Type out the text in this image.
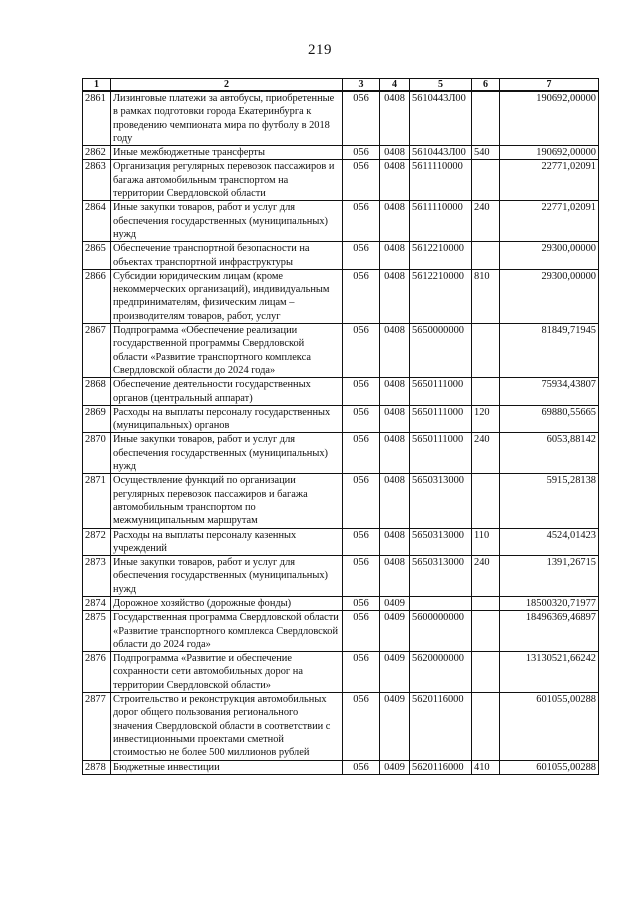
219
1	2	3	4	5	6	7
2861	Лизинговые платежи за автобусы, приобретенные в рамках подготовки города Екатеринбурга к проведению чемпионата мира по футболу в 2018 году	056	0408	5610443Л00		190692,00000
2862	Иные межбюджетные трансферты	056	0408	5610443Л00	540	190692,00000
2863	Организация регулярных перевозок пассажиров и багажа автомобильным транспортом на территории Свердловской области	056	0408	5611110000		22771,02091
2864	Иные закупки товаров, работ и услуг для обеспечения государственных (муниципальных) нужд	056	0408	5611110000	240	22771,02091
2865	Обеспечение транспортной безопасности на объектах транспортной инфраструктуры	056	0408	5612210000		29300,00000
2866	Субсидии юридическим лицам (кроме некоммерческих организаций), индивидуальным предпринимателям, физическим лицам – производителям товаров, работ, услуг	056	0408	5612210000	810	29300,00000
2867	Подпрограмма «Обеспечение реализации государственной программы Свердловской области «Развитие транспортного комплекса Свердловской области до 2024 года»	056	0408	5650000000		81849,71945
2868	Обеспечение деятельности государственных органов (центральный аппарат)	056	0408	5650111000		75934,43807
2869	Расходы на выплаты персоналу государственных (муниципальных) органов	056	0408	5650111000	120	69880,55665
2870	Иные закупки товаров, работ и услуг для обеспечения государственных (муниципальных) нужд	056	0408	5650111000	240	6053,88142
2871	Осуществление функций по организации регулярных перевозок пассажиров и багажа автомобильным транспортом по межмуниципальным маршрутам	056	0408	5650313000		5915,28138
2872	Расходы на выплаты персоналу казенных учреждений	056	0408	5650313000	110	4524,01423
2873	Иные закупки товаров, работ и услуг для обеспечения государственных (муниципальных) нужд	056	0408	5650313000	240	1391,26715
2874	Дорожное хозяйство (дорожные фонды)	056	0409			18500320,71977
2875	Государственная программа Свердловской области «Развитие транспортного комплекса Свердловской области до 2024 года»	056	0409	5600000000		18496369,46897
2876	Подпрограмма «Развитие и обеспечение сохранности сети автомобильных дорог на территории Свердловской области»	056	0409	5620000000		13130521,66242
2877	Строительство и реконструкция автомобильных дорог общего пользования регионального значения Свердловской области в соответствии с инвестиционными проектами сметной стоимостью не более 500 миллионов рублей	056	0409	5620116000		601055,00288
2878	Бюджетные инвестиции	056	0409	5620116000	410	601055,00288
